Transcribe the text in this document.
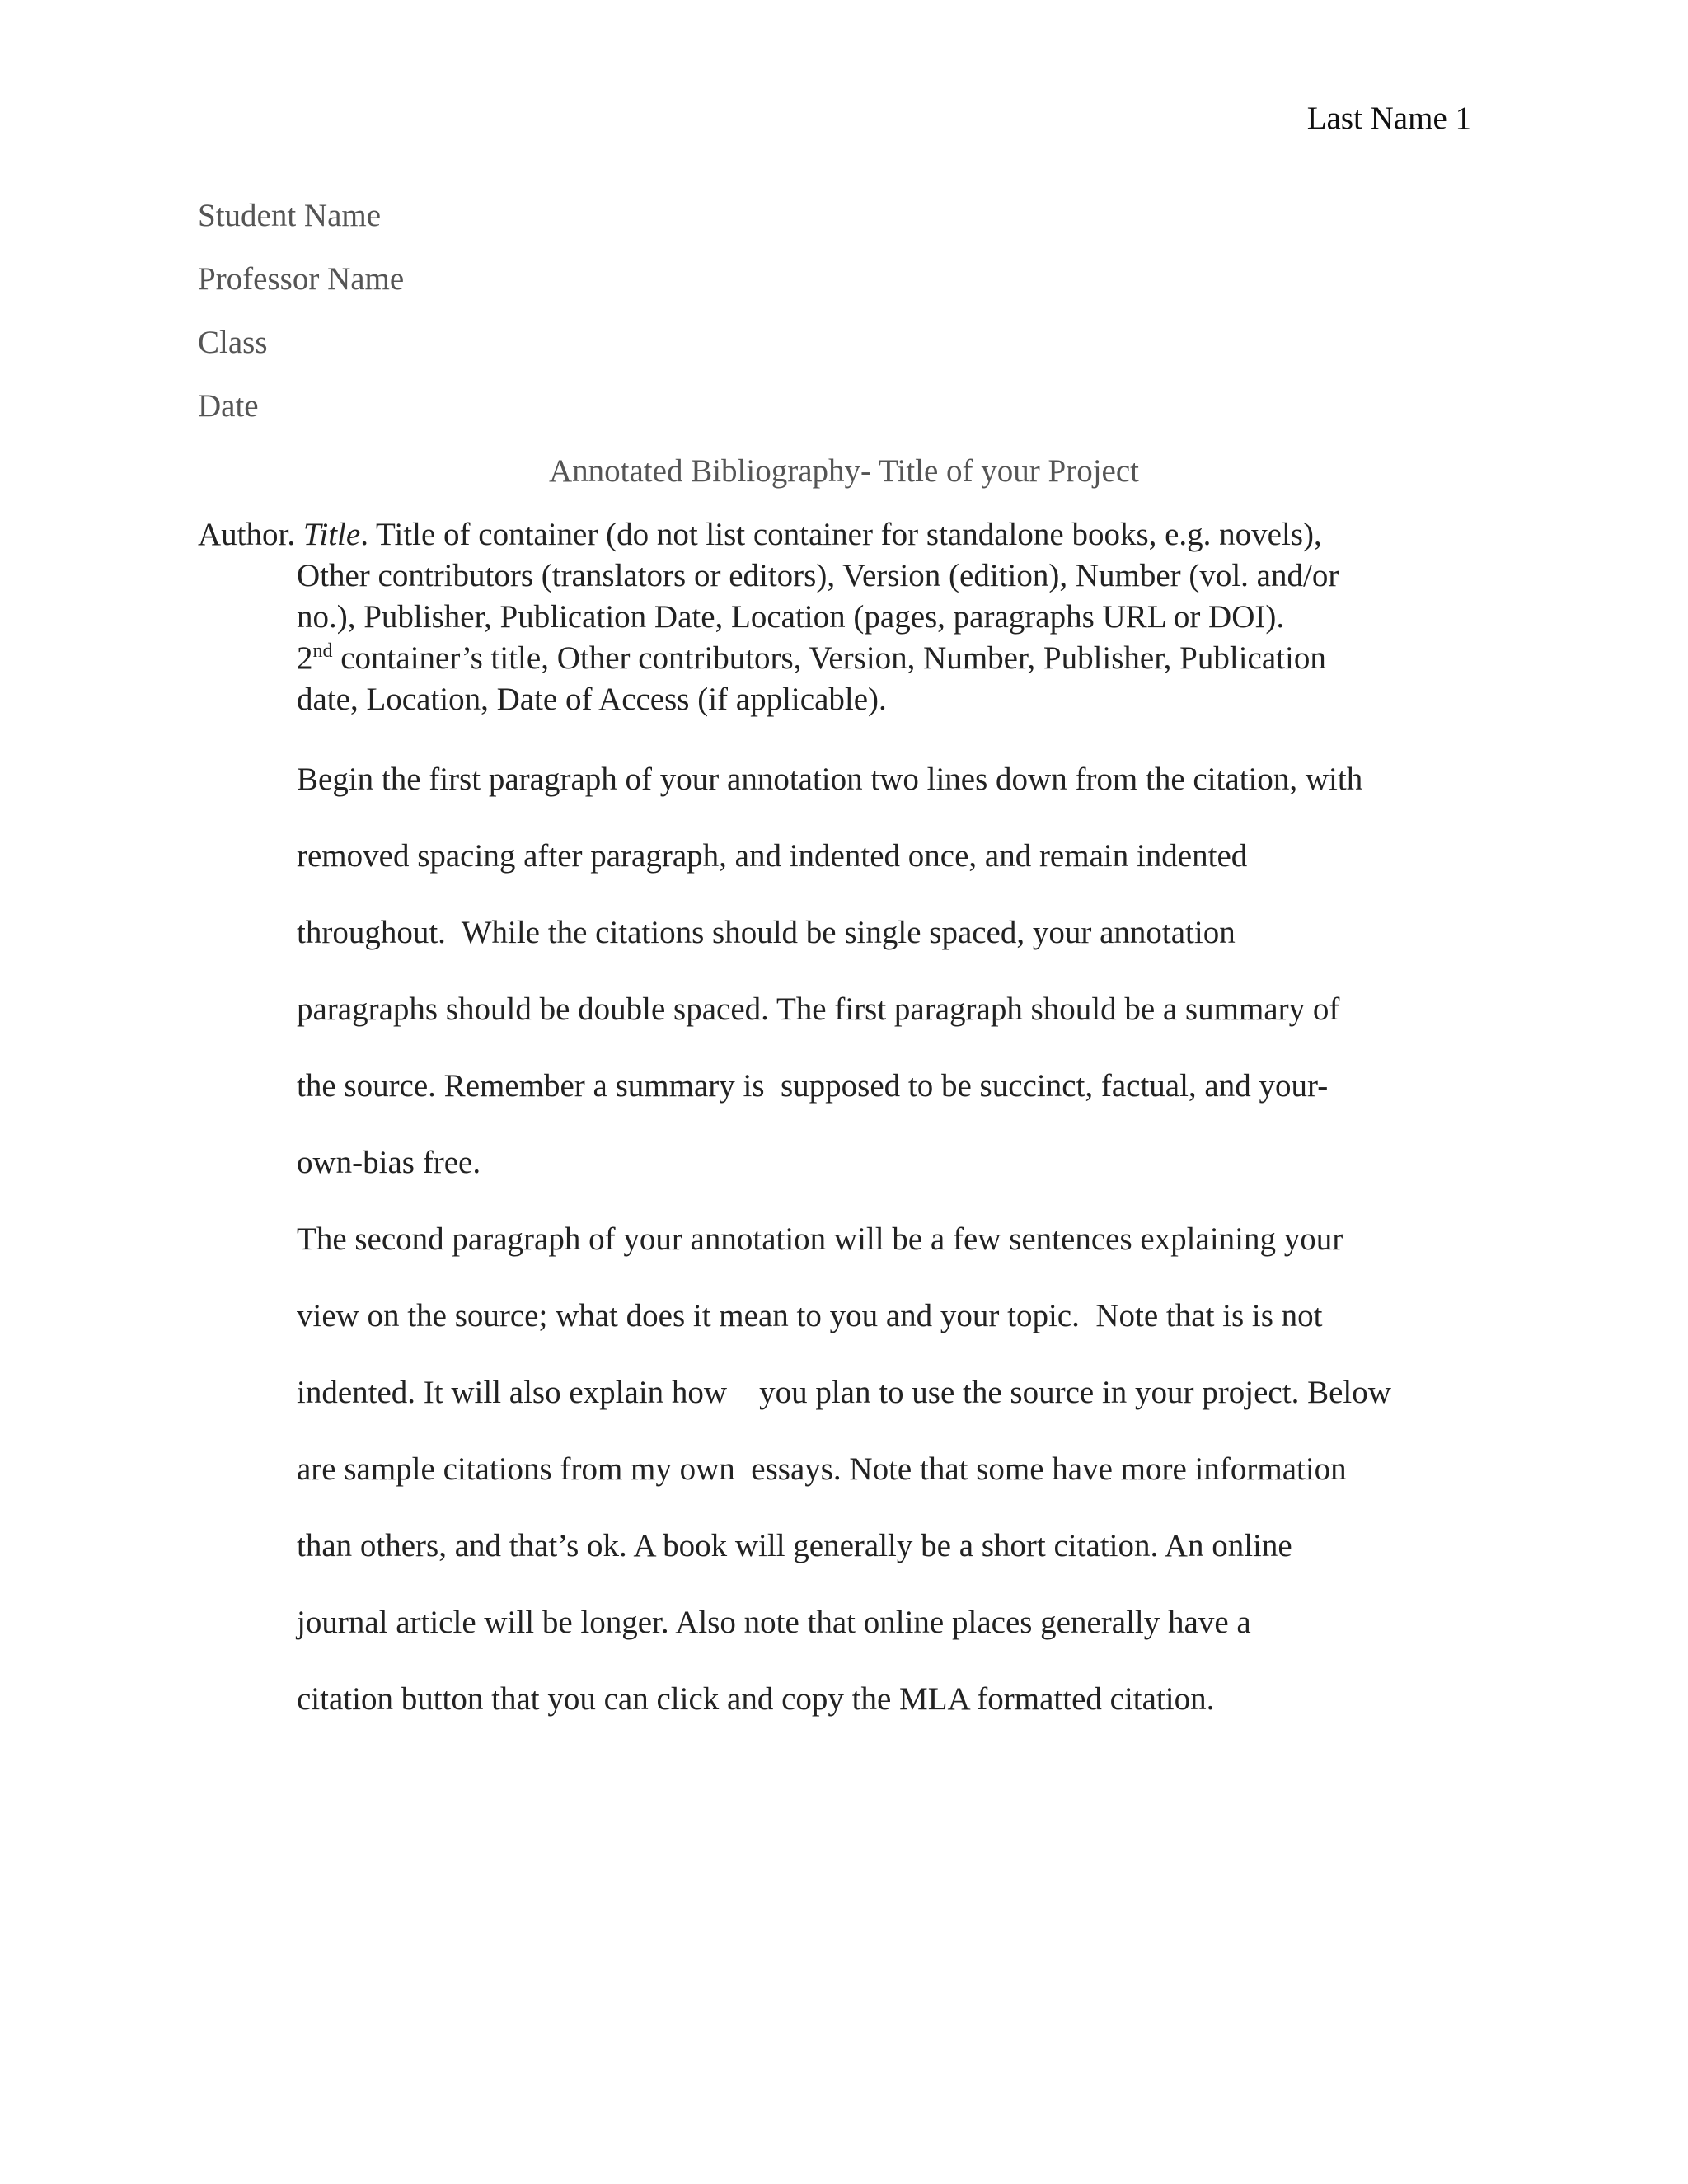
Last Name 1
Student Name
Professor Name
Class
Date
Annotated Bibliography- Title of your Project
Author. Title. Title of container (do not list container for standalone books, e.g. novels),
Other contributors (translators or editors), Version (edition), Number (vol. and/or
no.), Publisher, Publication Date, Location (pages, paragraphs URL or DOI).
2nd container’s title, Other contributors, Version, Number, Publisher, Publication
date, Location, Date of Access (if applicable).
Begin the first paragraph of your annotation two lines down from the citation, with
removed spacing after paragraph, and indented once, and remain indented
throughout.  While the citations should be single spaced, your annotation
paragraphs should be double spaced. The first paragraph should be a summary of
the source. Remember a summary is  supposed to be succinct, factual, and your-
own-bias free.
The second paragraph of your annotation will be a few sentences explaining your
view on the source; what does it mean to you and your topic.  Note that is is not
indented. It will also explain how    you plan to use the source in your project. Below
are sample citations from my own  essays. Note that some have more information
than others, and that’s ok. A book will generally be a short citation. An online
journal article will be longer. Also note that online places generally have a
citation button that you can click and copy the MLA formatted citation.
